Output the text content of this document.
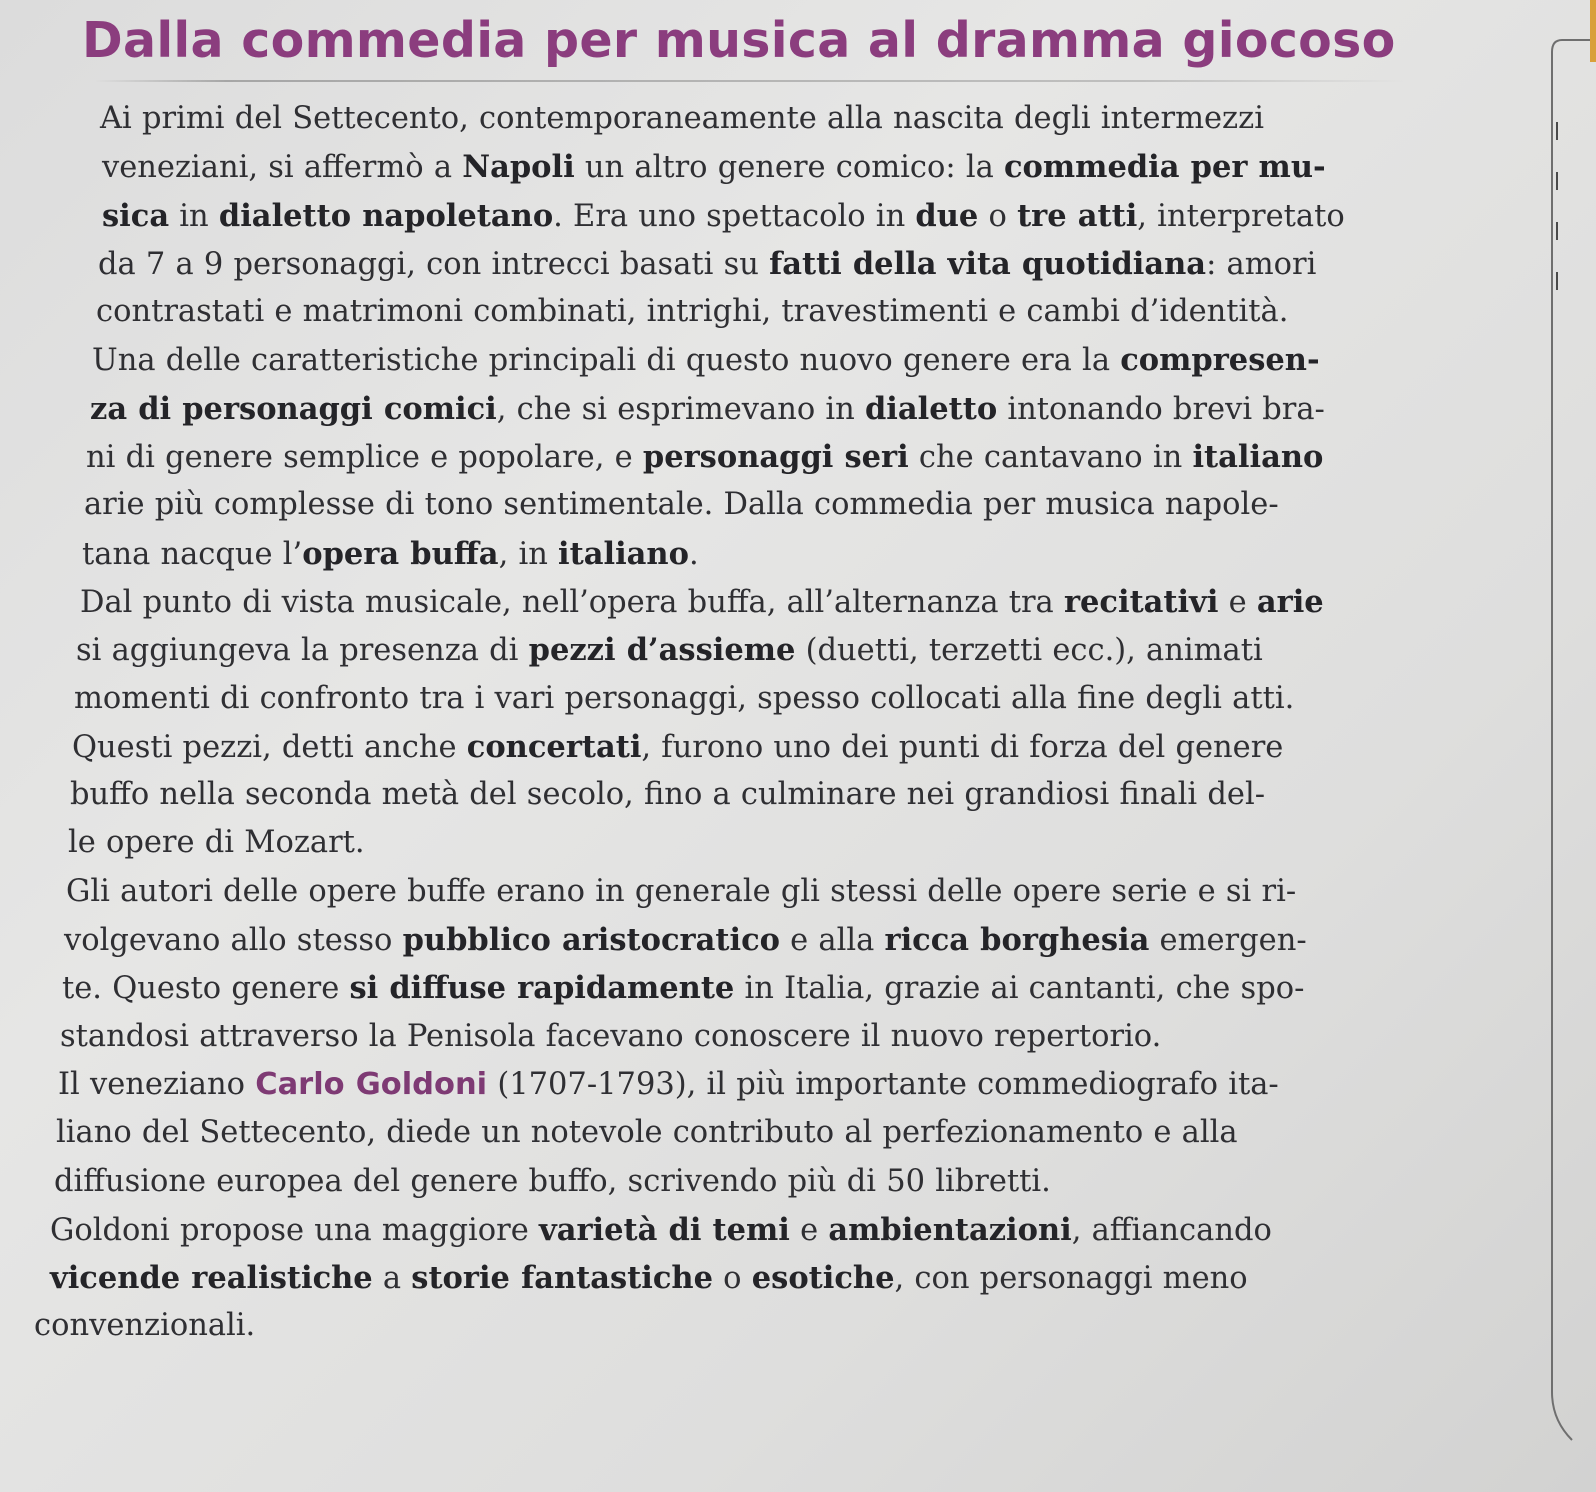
Dalla commedia per musica al dramma giocoso
Ai primi del Settecento, contemporaneamente alla nascita degli intermezzi
veneziani, si affermò a Napoli un altro genere comico: la commedia per mu-
sica in dialetto napoletano. Era uno spettacolo in due o tre atti, interpretato
da 7 a 9 personaggi, con intrecci basati su fatti della vita quotidiana: amori
contrastati e matrimoni combinati, intrighi, travestimenti e cambi d’identità.
Una delle caratteristiche principali di questo nuovo genere era la compresen-
za di personaggi comici, che si esprimevano in dialetto intonando brevi bra-
ni di genere semplice e popolare, e personaggi seri che cantavano in italiano
arie più complesse di tono sentimentale. Dalla commedia per musica napole-
tana nacque l’opera buffa, in italiano.
Dal punto di vista musicale, nell’opera buffa, all’alternanza tra recitativi e arie
si aggiungeva la presenza di pezzi d’assieme (duetti, terzetti ecc.), animati
momenti di confronto tra i vari personaggi, spesso collocati alla fine degli atti.
Questi pezzi, detti anche concertati, furono uno dei punti di forza del genere
buffo nella seconda metà del secolo, fino a culminare nei grandiosi finali del-
le opere di Mozart.
Gli autori delle opere buffe erano in generale gli stessi delle opere serie e si ri-
volgevano allo stesso pubblico aristocratico e alla ricca borghesia emergen-
te. Questo genere si diffuse rapidamente in Italia, grazie ai cantanti, che spo-
standosi attraverso la Penisola facevano conoscere il nuovo repertorio.
Il veneziano Carlo Goldoni (1707-1793), il più importante commediografo ita-
liano del Settecento, diede un notevole contributo al perfezionamento e alla
diffusione europea del genere buffo, scrivendo più di 50 libretti.
Goldoni propose una maggiore varietà di temi e ambientazioni, affiancando
vicende realistiche a storie fantastiche o esotiche, con personaggi meno
convenzionali.
